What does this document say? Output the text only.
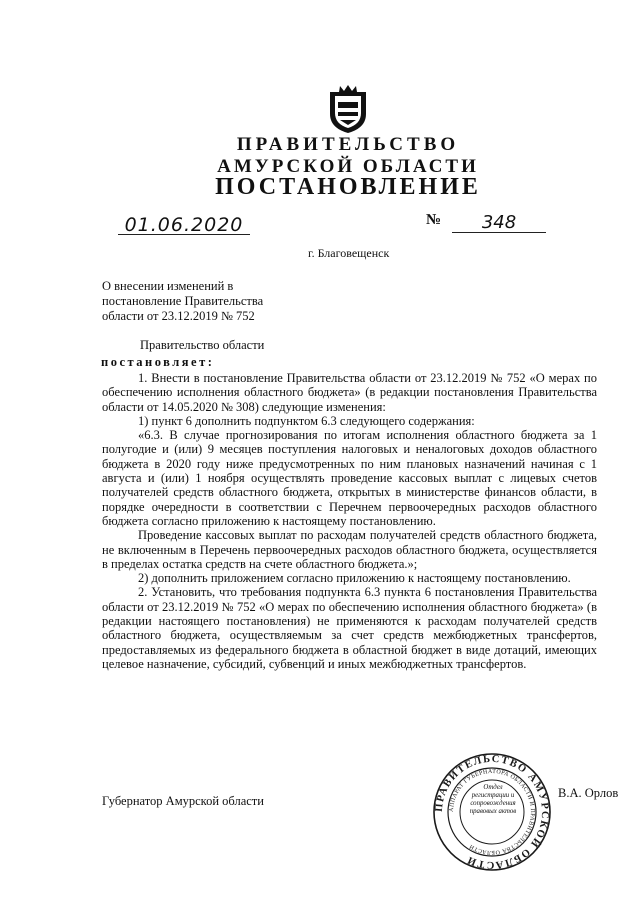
ПРАВИТЕЛЬСТВО
АМУРСКОЙ ОБЛАСТИ
ПОСТАНОВЛЕНИЕ
01.06.2020	№	348
г. Благовещенск
О внесении изменений в постановление Правительства области от 23.12.2019 № 752
Правительство области
постановляет:

1. Внести в постановление Правительства области от 23.12.2019 № 752 «О мерах по обеспечению исполнения областного бюджета» (в редакции постановления Правительства области от 14.05.2020 № 308) следующие изменения:

1) пункт 6 дополнить подпунктом 6.3 следующего содержания:

«6.3. В случае прогнозирования по итогам исполнения областного бюджета за 1 полугодие и (или) 9 месяцев поступления налоговых и неналоговых доходов областного бюджета в 2020 году ниже предусмотренных по ним плановых назначений начиная с 1 августа и (или) 1 ноября осуществлять проведение кассовых выплат с лицевых счетов получателей средств областного бюджета, открытых в министерстве финансов области, в порядке очередности в соответствии с Перечнем первоочередных расходов областного бюджета согласно приложению к настоящему постановлению.

Проведение кассовых выплат по расходам получателей средств областного бюджета, не включенным в Перечень первоочередных расходов областного бюджета, осуществляется в пределах остатка средств на счете областного бюджета.»;

2) дополнить приложением согласно приложению к настоящему постановлению.

2. Установить, что требования подпункта 6.3 пункта 6 постановления Правительства области от 23.12.2019 № 752 «О мерах по обеспечению исполнения областного бюджета» (в редакции настоящего постановления) не применяются к расходам получателей средств областного бюджета, осуществляемым за счет средств межбюджетных трансфертов, предоставляемых из федерального бюджета в областной бюджет в виде дотаций, имеющих целевое назначение, субсидий, субвенций и иных межбюджетных трансфертов.

Губернатор Амурской области	ПРАВИТЕЛЬСТВО АМУРСКОЙ ОБЛАСТИ
АППАРАТ ГУБЕРНАТОРА ОБЛАСТИ И ПРАВИТЕЛЬСТВА ОБЛАСТИ
Отдел регистрации и сопровождения правовых актов
В.А. Орлов
